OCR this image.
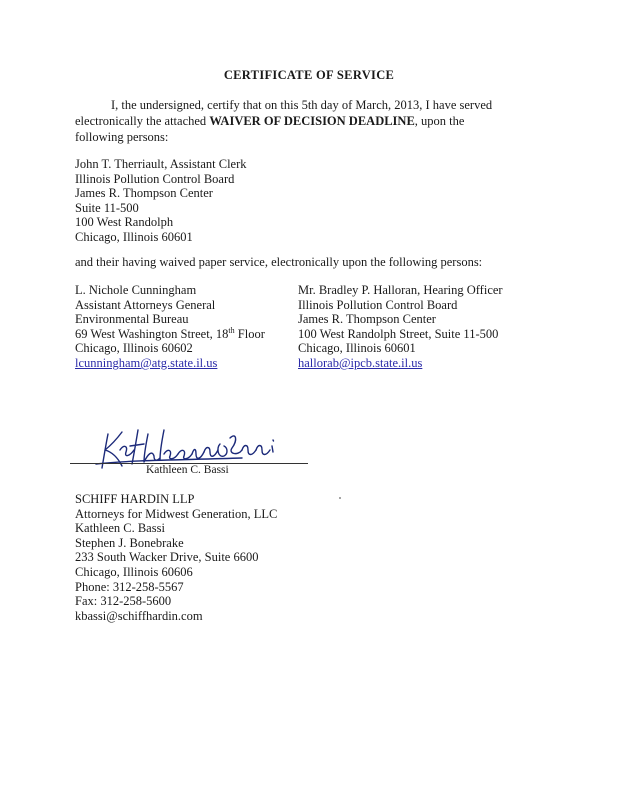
CERTIFICATE OF SERVICE
I, the undersigned, certify that on this 5th day of March, 2013, I have served electronically the attached WAIVER OF DECISION DEADLINE, upon the following persons:
John T. Therriault, Assistant Clerk
Illinois Pollution Control Board
James R. Thompson Center
Suite 11-500
100 West Randolph
Chicago, Illinois 60601
and their having waived paper service, electronically upon the following persons:
L. Nichole Cunningham
Assistant Attorneys General
Environmental Bureau
69 West Washington Street, 18th Floor
Chicago, Illinois 60602
lcunningham@atg.state.il.us
Mr. Bradley P. Halloran, Hearing Officer
Illinois Pollution Control Board
James R. Thompson Center
100 West Randolph Street, Suite 11-500
Chicago, Illinois 60601
hallorab@ipcb.state.il.us
Kathleen C. Bassi
SCHIFF HARDIN LLP
Attorneys for Midwest Generation, LLC
Kathleen C. Bassi
Stephen J. Bonebrake
233 South Wacker Drive, Suite 6600
Chicago, Illinois 60606
Phone: 312-258-5567
Fax: 312-258-5600
kbassi@schiffhardin.com
